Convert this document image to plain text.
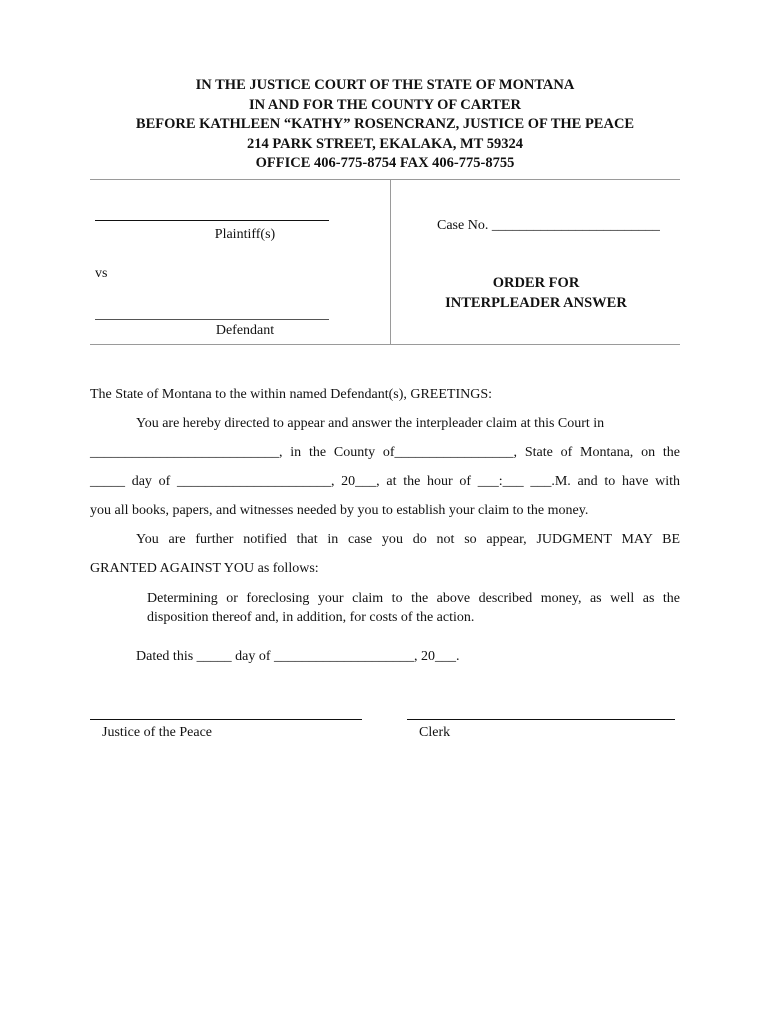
IN THE JUSTICE COURT OF THE STATE OF MONTANA
IN AND FOR THE COUNTY OF CARTER
BEFORE KATHLEEN “KATHY” ROSENCRANZ, JUSTICE OF THE PEACE
214 PARK STREET, EKALAKA, MT 59324
OFFICE 406-775-8754 FAX 406-775-8755
Plaintiff(s)
vs
Defendant
Case No. ________________________
ORDER FOR
INTERPLEADER ANSWER
The State of Montana to the within named Defendant(s), GREETINGS:
You are hereby directed to appear and answer the interpleader claim at this Court in
___________________________, in the County of_________________, State of Montana, on the
_____ day of ______________________, 20___, at the hour of ___:___ ___.M. and to have with
you all books, papers, and witnesses needed by you to establish your claim to the money.
You are further notified that in case you do not so appear, JUDGMENT MAY BE
GRANTED AGAINST YOU as follows:
Determining or foreclosing your claim to the above described money, as well as the
disposition thereof and, in addition, for costs of the action.
Dated this _____ day of ____________________, 20___.
Justice of the Peace	Clerk
